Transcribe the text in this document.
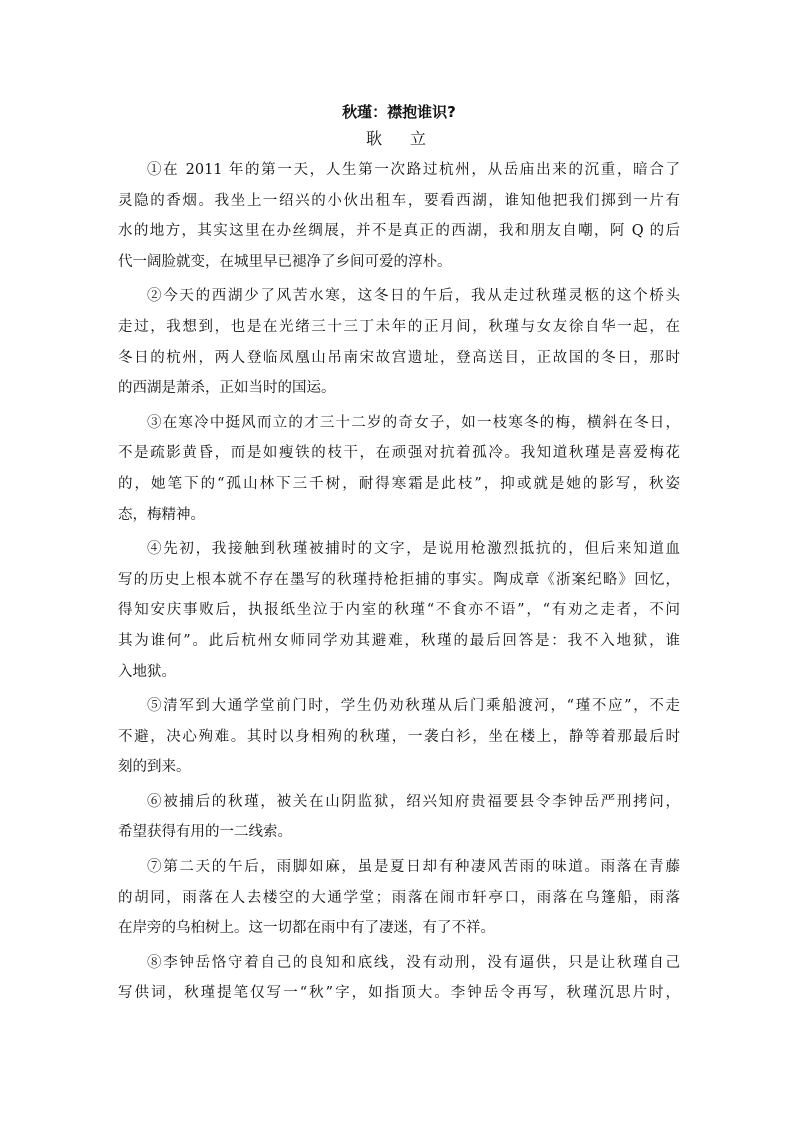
秋瑾：襟抱谁识?
耿　立
①在 2011 年的第一天，人生第一次路过杭州，从岳庙出来的沉重，暗合了
灵隐的香烟。我坐上一绍兴的小伙出租车，要看西湖，谁知他把我们掷到一片有
水的地方，其实这里在办丝绸展，并不是真正的西湖，我和朋友自嘲，阿 Q 的后
代一阔脸就变，在城里早已褪净了乡间可爱的淳朴。
②今天的西湖少了风苦水寒，这冬日的午后，我从走过秋瑾灵柩的这个桥头
走过，我想到，也是在光绪三十三丁未年的正月间，秋瑾与女友徐自华一起，在
冬日的杭州，两人登临凤凰山吊南宋故宫遗址，登高送目，正故国的冬日，那时
的西湖是萧杀，正如当时的国运。
③在寒冷中挺风而立的才三十二岁的奇女子，如一枝寒冬的梅，横斜在冬日，
不是疏影黄昏，而是如瘦铁的枝干，在顽强对抗着孤冷。我知道秋瑾是喜爱梅花
的，她笔下的“孤山林下三千树，耐得寒霜是此枝”，抑或就是她的影写，秋姿
态，梅精神。
④先初，我接触到秋瑾被捕时的文字，是说用枪激烈抵抗的，但后来知道血
写的历史上根本就不存在墨写的秋瑾持枪拒捕的事实。陶成章《浙案纪略》回忆，
得知安庆事败后，执报纸坐泣于内室的秋瑾“不食亦不语”，“有劝之走者，不问
其为谁何”。此后杭州女师同学劝其避难，秋瑾的最后回答是：我不入地狱，谁
入地狱。
⑤清军到大通学堂前门时，学生仍劝秋瑾从后门乘船渡河，“瑾不应”，不走
不避，决心殉难。其时以身相殉的秋瑾，一袭白衫，坐在楼上，静等着那最后时
刻的到来。
⑥被捕后的秋瑾，被关在山阴监狱，绍兴知府贵福要县令李钟岳严刑拷问，
希望获得有用的一二线索。
⑦第二天的午后，雨脚如麻，虽是夏日却有种凄风苦雨的味道。雨落在青藤
的胡同，雨落在人去楼空的大通学堂；雨落在闹市轩亭口，雨落在乌篷船，雨落
在岸旁的乌桕树上。这一切都在雨中有了凄迷，有了不祥。
⑧李钟岳恪守着自己的良知和底线，没有动刑，没有逼供，只是让秋瑾自己
写供词，秋瑾提笔仅写一“秋”字，如指顶大。李钟岳令再写，秋瑾沉思片时，
